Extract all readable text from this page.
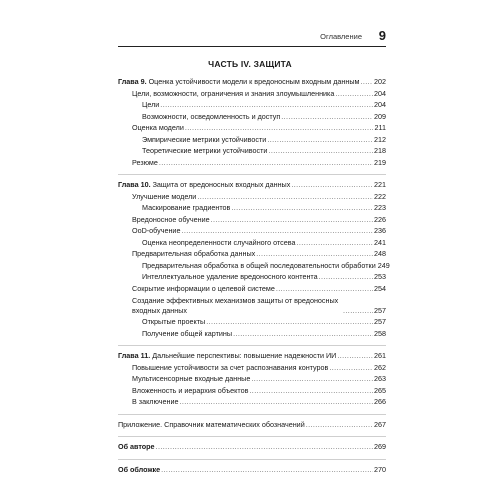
Оглавление 9
ЧАСТЬ IV. ЗАЩИТА
Глава 9. Оценка устойчивости модели к вредоносным входным данным ..... 202
Цели, возможности, ограничения и знания злоумышленника .....	204
Цели .....	204
Возможности, осведомленность и доступ .....	209
Оценка модели .....	211
Эмпирические метрики устойчивости .....	212
Теоретические метрики устойчивости .....	218
Резюме .....	219
Глава 10. Защита от вредоносных входных данных .....	221
Улучшение модели .....	222
Маскирование градиентов .....	223
Вредоносное обучение .....	226
OoD-обучение .....	236
Оценка неопределенности случайного отсева .....	241
Предварительная обработка данных .....	248
Предварительная обработка в общей последовательности обработки 249
Интеллектуальное удаление вредоносного контента .....	253
Сокрытие информации о целевой системе .....	254
Создание эффективных механизмов защиты от вредоносных входных данных .....	257
Открытые проекты .....	257
Получение общей картины .....	258
Глава 11. Дальнейшие перспективы: повышение надежности ИИ .....	261
Повышение устойчивости за счет распознавания контуров .....	262
Мультисенсорные входные данные .....	263
Вложенность и иерархия объектов .....	265
В заключение .....	266
Приложение. Справочник математических обозначений .....	267
Об авторе .....	269
Об обложке .....	270
